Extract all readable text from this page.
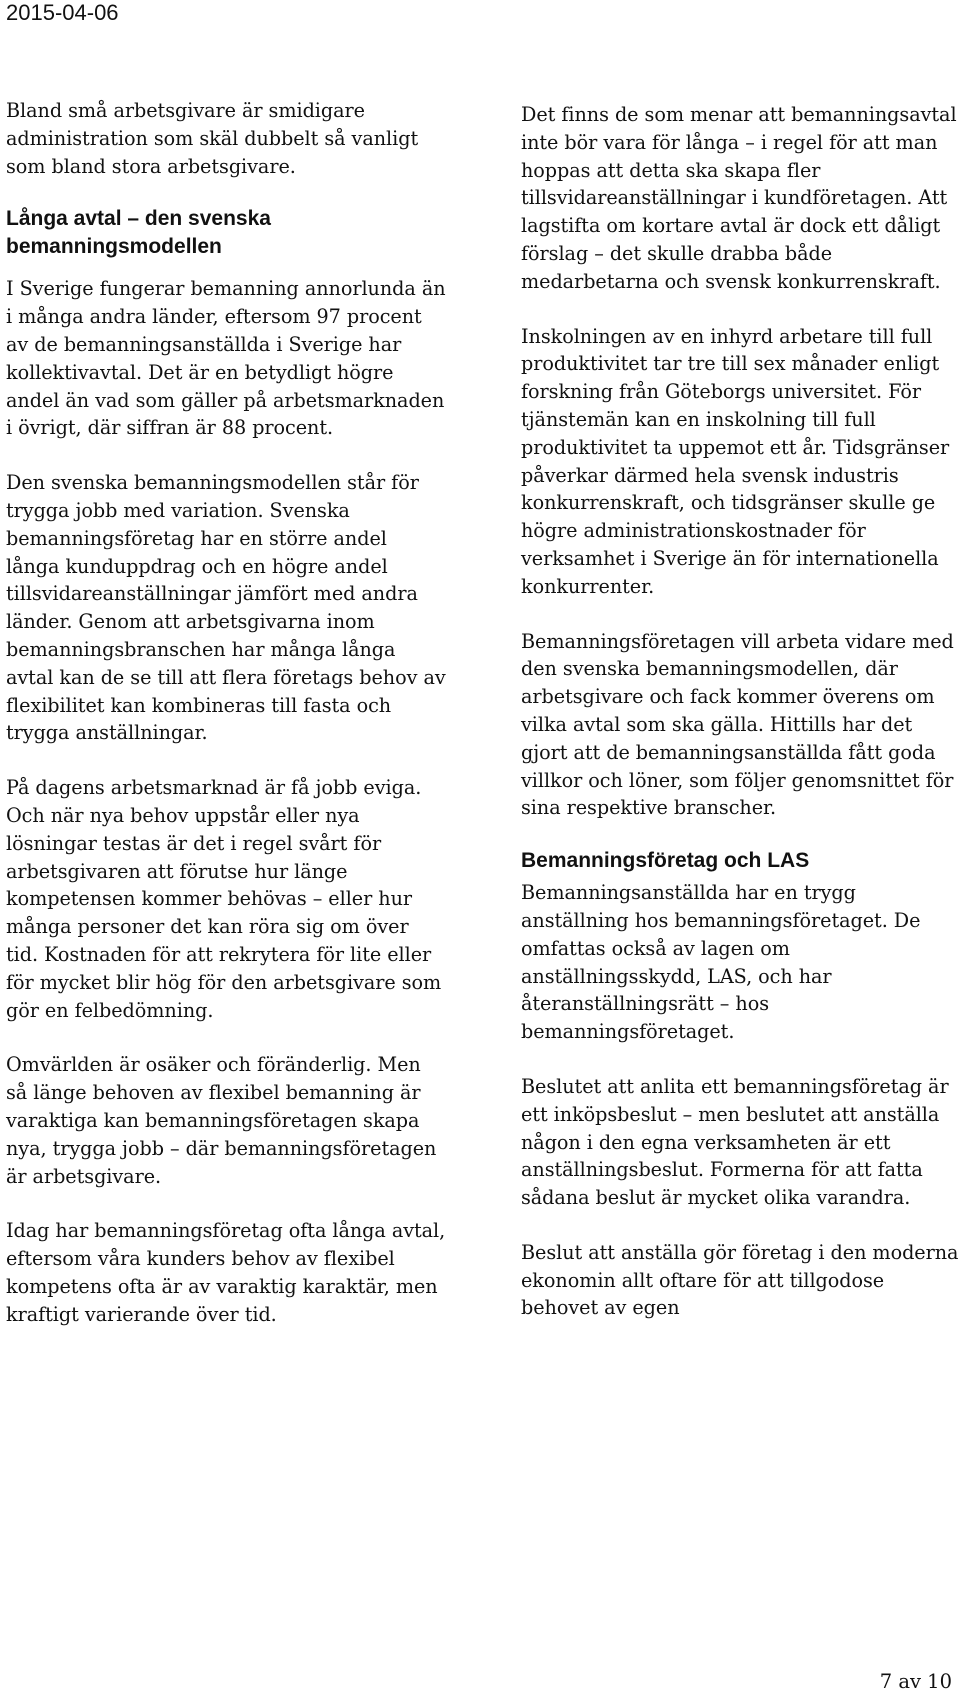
2015-04-06

Bland små arbetsgivare är smidigare administration som skäl dubbelt så vanligt som bland stora arbetsgivare.

Långa avtal – den svenska bemanningsmodellen

I Sverige fungerar bemanning annorlunda än i många andra länder, eftersom 97 procent av de bemanningsanställda i Sverige har kollektivavtal. Det är en betydligt högre andel än vad som gäller på arbetsmarknaden i övrigt, där siffran är 88 procent.

Den svenska bemanningsmodellen står för trygga jobb med variation. Svenska bemanningsföretag har en större andel långa kunduppdrag och en högre andel tillsvidareanställningar jämfört med andra länder. Genom att arbetsgivarna inom bemanningsbranschen har många långa avtal kan de se till att flera företags behov av flexibilitet kan kombineras till fasta och trygga anställningar.

På dagens arbetsmarknad är få jobb eviga. Och när nya behov uppstår eller nya lösningar testas är det i regel svårt för arbetsgivaren att förutse hur länge kompetensen kommer behövas – eller hur många personer det kan röra sig om över tid. Kostnaden för att rekrytera för lite eller för mycket blir hög för den arbetsgivare som gör en felbedömning.

Omvärlden är osäker och föränderlig. Men så länge behoven av flexibel bemanning är varaktiga kan bemanningsföretagen skapa nya, trygga jobb – där bemanningsföretagen är arbetsgivare.

Idag har bemanningsföretag ofta långa avtal, eftersom våra kunders behov av flexibel kompetens ofta är av varaktig karaktär, men kraftigt varierande över tid.

Det finns de som menar att bemanningsavtal inte bör vara för långa – i regel för att man hoppas att detta ska skapa fler tillsvidareanställningar i kundföretagen. Att lagstifta om kortare avtal är dock ett dåligt förslag – det skulle drabba både medarbetarna och svensk konkurrenskraft.

Inskolningen av en inhyrd arbetare till full produktivitet tar tre till sex månader enligt forskning från Göteborgs universitet. För tjänstemän kan en inskolning till full produktivitet ta uppemot ett år. Tidsgränser påverkar därmed hela svensk industris konkurrenskraft, och tidsgränser skulle ge högre administrationskostnader för verksamhet i Sverige än för internationella konkurrenter.

Bemanningsföretagen vill arbeta vidare med den svenska bemanningsmodellen, där arbetsgivare och fack kommer överens om vilka avtal som ska gälla. Hittills har det gjort att de bemanningsanställda fått goda villkor och löner, som följer genomsnittet för sina respektive branscher.

Bemanningsföretag och LAS

Bemanningsanställda har en trygg anställning hos bemanningsföretaget. De omfattas också av lagen om anställningsskydd, LAS, och har återanställningsrätt – hos bemanningsföretaget.

Beslutet att anlita ett bemanningsföretag är ett inköpsbeslut – men beslutet att anställa någon i den egna verksamheten är ett anställningsbeslut. Formerna för att fatta sådana beslut är mycket olika varandra.

Beslut att anställa gör företag i den moderna ekonomin allt oftare för att tillgodose behovet av egen

7 av 10
